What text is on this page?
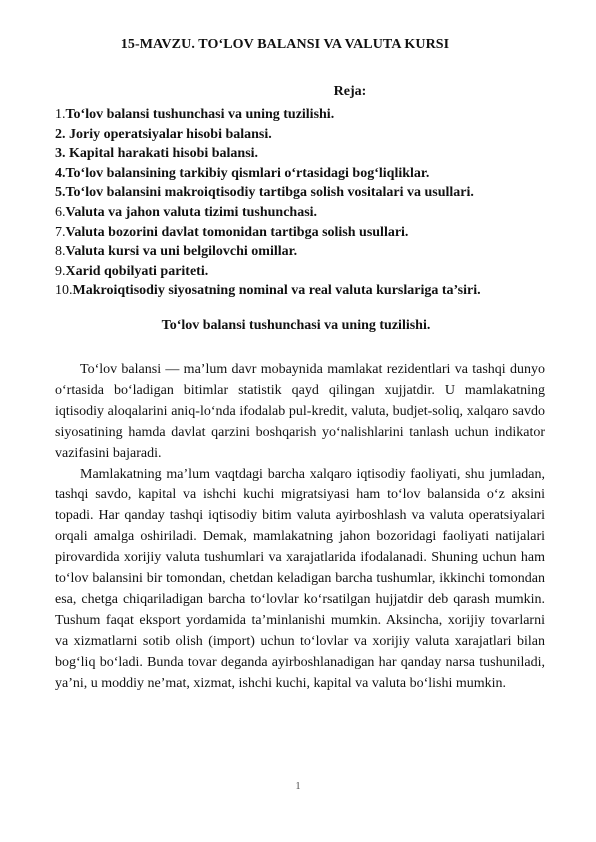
15-MAVZU. TO‘LOV BALANSI VA VALUTA KURSI
Reja:
1.To‘lov balansi tushunchasi va uning tuzilishi.
2. Joriy operatsiyalar hisobi balansi.
3. Kapital harakati hisobi balansi.
4.To‘lov balansining tarkibiy qismlari o‘rtasidagi bog‘liqliklar.
5.To‘lov balansini makroiqtisodiy tartibga solish vositalari va usullari.
6.Valuta va jahon valuta tizimi tushunchasi.
7.Valuta bozorini davlat tomonidan tartibga solish usullari.
8.Valuta kursi va uni belgilovchi omillar.
9.Xarid qobilyati pariteti.
10.Makroiqtisodiy siyosatning nominal va real valuta kurslariga ta’siri.
To‘lov balansi tushunchasi va uning tuzilishi.

To‘lov balansi — ma’lum davr mobaynida mamlakat rezidentlari va tashqi dunyo o‘rtasida bo‘ladigan bitimlar statistik qayd qilingan xujjatdir. U mamlakatning iqtisodiy aloqalarini aniq-lo‘nda ifodalab pul-kredit, valuta, budjet-soliq, xalqaro savdo siyosatining hamda davlat qarzini boshqarish yo‘nalishlarini tanlash uchun indikator vazifasini bajaradi.

Mamlakatning ma’lum vaqtdagi barcha xalqaro iqtisodiy faoliyati, shu jumladan, tashqi savdo, kapital va ishchi kuchi migratsiyasi ham to‘lov balansida o‘z aksini topadi. Har qanday tashqi iqtisodiy bitim valuta ayirboshlash va valuta operatsiyalari orqali amalga oshiriladi. Demak, mamlakatning jahon bozoridagi faoliyati natijalari pirovardida xorijiy valuta tushumlari va xarajatlarida ifodalanadi. Shuning uchun ham to‘lov balansini bir tomondan, chetdan keladigan barcha tushumlar, ikkinchi tomondan esa, chetga chiqariladigan barcha to‘lovlar ko‘rsatilgan hujjatdir deb qarash mumkin. Tushum faqat eksport yordamida ta’minlanishi mumkin. Aksincha, xorijiy tovarlarni va xizmatlarni sotib olish (import) uchun to‘lovlar va xorijiy valuta xarajatlari bilan bog‘liq bo‘ladi. Bunda tovar deganda ayirboshlanadigan har qanday narsa tushuniladi, ya’ni, u moddiy ne’mat, xizmat, ishchi kuchi, kapital va valuta bo‘lishi mumkin.

1
